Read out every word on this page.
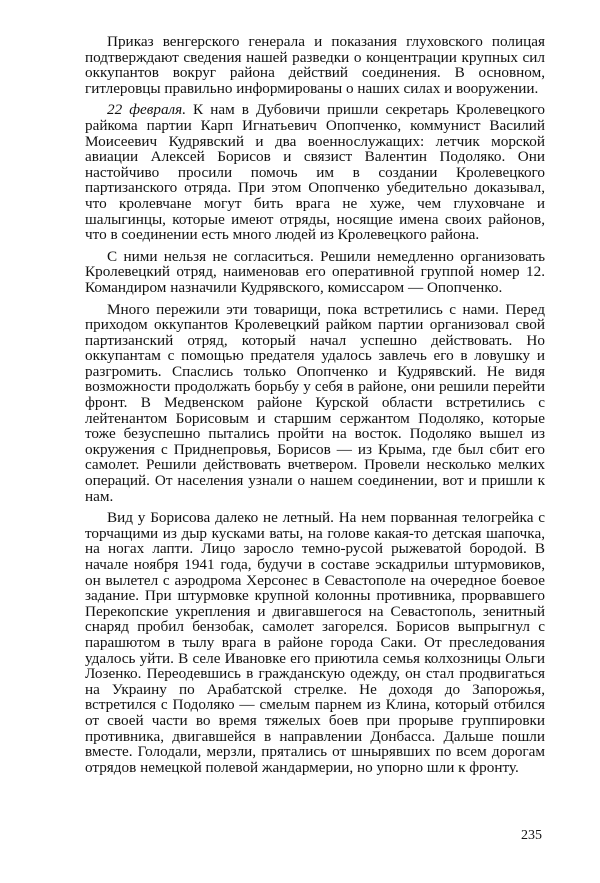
Приказ венгерского генерала и показания глуховского полицая подтверждают сведения нашей разведки о концентрации крупных сил оккупантов вокруг района действий соединения. В основном, гитлеровцы правильно информированы о наших силах и вооружении.

22 февраля. К нам в Дубовичи пришли секретарь Кролевецкого райкома партии Карп Игнатьевич Опопченко, коммунист Василий Моисеевич Кудрявский и два военнослужащих: летчик морской авиации Алексей Борисов и связист Валентин Подоляко. Они настойчиво просили помочь им в создании Кролевецкого партизанского отряда. При этом Опопченко убедительно доказывал, что кролевчане могут бить врага не хуже, чем глуховчане и шалыгинцы, которые имеют отряды, носящие имена своих районов, что в соединении есть много людей из Кролевецкого района.

С ними нельзя не согласиться. Решили немедленно организовать Кролевецкий отряд, наименовав его оперативной группой номер 12. Командиром назначили Кудрявского, комиссаром — Опопченко.

Много пережили эти товарищи, пока встретились с нами. Перед приходом оккупантов Кролевецкий райком партии организовал свой партизанский отряд, который начал успешно действовать. Но оккупантам с помощью предателя удалось завлечь его в ловушку и разгромить. Спаслись только Опопченко и Кудрявский. Не видя возможности продолжать борьбу у себя в районе, они решили перейти фронт. В Медвенском районе Курской области встретились с лейтенантом Борисовым и старшим сержантом Подоляко, которые тоже безуспешно пытались пройти на восток. Подоляко вышел из окружения с Приднепровья, Борисов — из Крыма, где был сбит его самолет. Решили действовать вчетвером. Провели несколько мелких операций. От населения узнали о нашем соединении, вот и пришли к нам.

Вид у Борисова далеко не летный. На нем порванная телогрейка с торчащими из дыр кусками ваты, на голове какая-то детская шапочка, на ногах лапти. Лицо заросло темно-русой рыжеватой бородой. В начале ноября 1941 года, будучи в составе эскадрильи штурмовиков, он вылетел с аэродрома Херсонес в Севастополе на очередное боевое задание. При штурмовке крупной колонны противника, прорвавшего Перекопские укрепления и двигавшегося на Севастополь, зенитный снаряд пробил бензобак, самолет загорелся. Борисов выпрыгнул с парашютом в тылу врага в районе города Саки. От преследования удалось уйти. В селе Ивановке его приютила семья колхозницы Ольги Лозенко. Переодевшись в гражданскую одежду, он стал продвигаться на Украину по Арабатской стрелке. Не доходя до Запорожья, встретился с Подоляко — смелым парнем из Клина, который отбился от своей части во время тяжелых боев при прорыве группировки противника, двигавшейся в направлении Донбасса. Дальше пошли вместе. Голодали, мерзли, прятались от шнырявших по всем дорогам отрядов немецкой полевой жандармерии, но упорно шли к фронту.

235
